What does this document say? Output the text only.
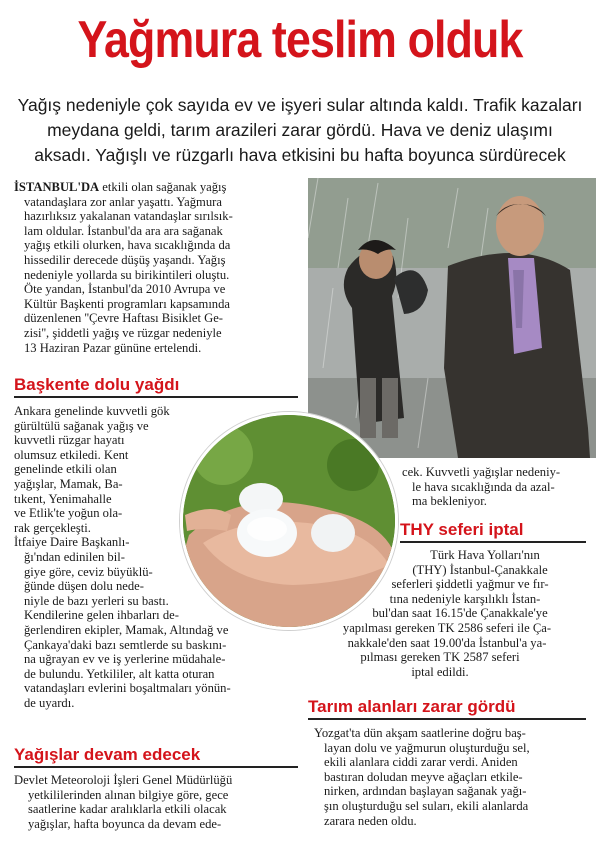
Yağmura teslim olduk
Yağış nedeniyle çok sayıda ev ve işyeri sular altında kaldı. Trafik kazaları
meydana geldi, tarım arazileri zarar gördü. Hava ve deniz ulaşımı
aksadı. Yağışlı ve rüzgarlı hava etkisini bu hafta boyunca sürdürecek
İSTANBUL'DA etkili olan sağanak yağış
vatandaşlara zor anlar yaşattı. Yağmura
hazırlıksız yakalanan vatandaşlar sırılsık-
lam oldular. İstanbul'da ara ara sağanak
yağış etkili olurken, hava sıcaklığında da
hissedilir derecede düşüş yaşandı. Yağış
nedeniyle yollarda su birikintileri oluştu.
Öte yandan, İstanbul'da 2010 Avrupa ve
Kültür Başkenti programları kapsamında
düzenlenen ''Çevre Haftası Bisiklet Ge-
zisi'', şiddetli yağış ve rüzgar nedeniyle
13 Haziran Pazar gününe ertelendi.
Başkente dolu yağdı
Ankara genelinde kuvvetli gök
gürültülü sağanak yağış ve
kuvvetli rüzgar hayatı
olumsuz etkiledi. Kent
genelinde etkili olan
yağışlar, Mamak, Ba-
tıkent, Yenimahalle
ve Etlik'te yoğun ola-
rak gerçekleşti.
İtfaiye Daire Başkanlı-
ğı'ndan edinilen bil-
giye göre, ceviz büyüklü-
ğünde düşen dolu nede-
niyle de bazı yerleri su bastı.
Kendilerine gelen ihbarları de-
ğerlendiren ekipler, Mamak, Altındağ ve
Çankaya'daki bazı semtlerde su baskını-
na uğrayan ev ve iş yerlerine müdahale-
de bulundu. Yetkililer, alt katta oturan
vatandaşları evlerini boşaltmaları yönün-
de uyardı.
cek. Kuvvetli yağışlar nedeniy-
le hava sıcaklığında da azal-
ma bekleniyor.
THY seferi iptal
Türk Hava Yolları'nın
(THY) İstanbul-Çanakkale
seferleri şiddetli yağmur ve fır-
tına nedeniyle karşılıklı İstan-
bul'dan saat 16.15'de Çanakkale'ye
yapılması gereken TK 2586 seferi ile Ça-
nakkale'den saat 19.00'da İstanbul'a ya-
pılması gereken TK 2587 seferi
iptal edildi.
Tarım alanları zarar gördü
Yozgat'ta dün akşam saatlerine doğru baş-
layan dolu ve yağmurun oluşturduğu sel,
ekili alanlara ciddi zarar verdi. Aniden
bastıran doludan meyve ağaçları etkile-
nirken, ardından başlayan sağanak yağı-
şın oluşturduğu sel suları, ekili alanlarda
zarara neden oldu.
Yağışlar devam edecek
Devlet Meteoroloji İşleri Genel Müdürlüğü
yetkililerinden alınan bilgiye göre, gece
saatlerine kadar aralıklarla etkili olacak
yağışlar, hafta boyunca da devam ede-
